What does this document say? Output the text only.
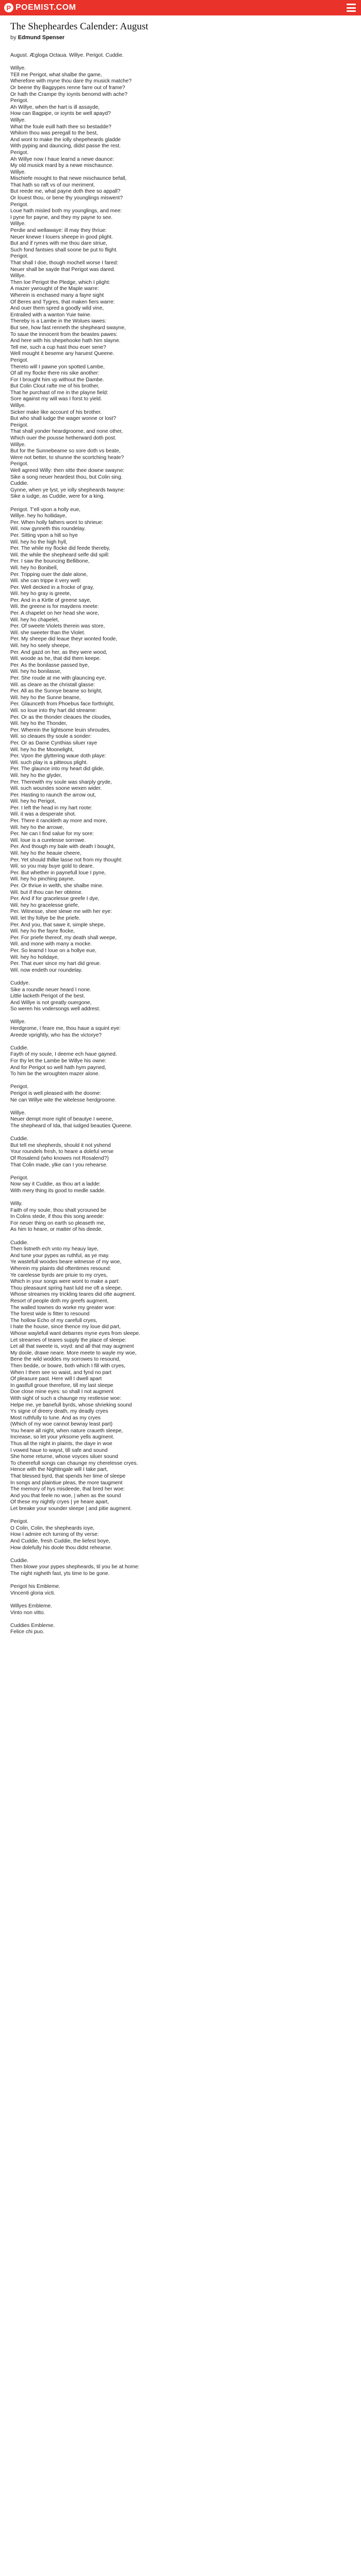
P POEMIST.COM
The Shepheardes Calender: August
by Edmund Spenser
August. Ægloga Octaua. Willye. Perigot. Cuddie.

Willye.
TEll me Perigot, what shalbe the game,
Wherefore with myne thou dare thy musick matche?
Or beene thy Bagpypes renne farre out of frame?
Or hath the Crampe thy ioynts benomd with ache?
Perigot.
Ah Willye, when the hart is ill assayde,
How can Bagpipe, or ioynts be well apayd?
Willye.
What the foule euill hath thee so bestadde?
Whilom thou was peregall to the best,
And wont to make the iolly shepeheards gladde
With pyping and dauncing, didst passe the rest.
Perigot.
Ah Willye now I haue learnd a newe daunce:
My old musick mard by a newe mischaunce.
Willye.
Mischiefe mought to that newe mischaunce befall,
That hath so raft vs of our meriment.
But reede me, what payne doth thee so appall?
Or louest thou, or bene thy younglings miswent?
Perigot.
Loue hath misled both my younglings, and mee:
I pyne for payne, and they my payne to see.
Willye.
Perdie and wellawaye: ill may they thriue:
Neuer knewe I louers sheepe in good plight.
But and if rymes with me thou dare striue,
Such fond fantsies shall soone be put to flight.
Perigot.
That shall I doe, though mochell worse I fared:
Neuer shall be sayde that Perigot was dared.
Willye.
Then loe Perigot the Pledge, which I plight:
A mazer ywrought of the Maple warre:
Wherein is enchased many a fayre sight
Of Beres and Tygres, that maken fiers warre:
And ouer them spred a goodly wild vine,
Entrailed with a wanton Yuie twine.
Thereby is a Lambe in the Wolues iawes:
But see, how fast renneth the shepheard swayne,
To saue the innocent from the beastes pawes:
And here with his shepehooke hath him slayne.
Tell me, such a cup hast thou euer sene?
Well mought it beseme any haruest Queene.
Perigot.
Thereto will I pawne yon spotted Lambe,
Of all my flocke there nis sike another:
For I brought him vp without the Dambe.
But Colin Clout rafte me of his brother,
That he purchast of me in the playne field:
Sore against my will was I forst to yield.
Willye.
Sicker make like account of his brother.
But who shall iudge the wager wonne or lost?
Perigot.
That shall yonder heardgroome, and none other,
Which ouer the pousse hetherward doth post.
Willye.
But for the Sunnebeame so sore doth vs beate,
Were not better, to shunne the scortching heate?
Perigot.
Well agreed Willy: then sitte thee downe swayne:
Sike a song neuer heardest thou, but Colin sing.
Cuddie.
Gynne, when ye lyst, ye iolly shepheards twayne:
Sike a iudge, as Cuddie, were for a king.

Perigot. T'ell vpon a holly eue,
Willye. hey ho hollidaye,
Per. When holly fathers wont to shrieue:
Wil. now gynneth this roundelay.
Per. Sitting vpon a hill so hye
Wil. hey ho the high hyll,
Per. The while my flocke did feede thereby,
Wil. the while the shepheard selfe did spill:
Per. I saw the bouncing Bellibone,
Wil. hey ho Bonibell,
Per. Tripping ouer the dale alone,
Wil. she can trippe it very well:
Per. Well decked in a frocke of gray,
Wil. hey ho gray is greete,
Per. And in a Kirtle of greene saye,
Wil. the greene is for maydens meete:
Per. A chapelet on her head she wore,
Wil. hey ho chapelet,
Per. Of sweete Violets therein was store,
Wil. she sweeter than the Violet.
Per. My sheepe did leaue theyr wonted foode,
Wil. hey ho seely sheepe,
Per. And gazd on her, as they were wood,
Wil. woode as he, that did them keepe.
Per. As the bonilasse passed bye,
Wil. hey ho bonilasse,
Per. She roude at me with glauncing eye,
Wil. as cleare as the christall glasse:
Per. All as the Sunnye beame so bright,
Wil. hey ho the Sunne beame,
Per. Glaunceth from Phoebus face forthright,
Wil. so loue into thy hart did streame:
Per. Or as the thonder cleaues the cloudes,
Wil. hey ho the Thonder,
Per. Wherein the lightsome leuin shroudes,
Wil. so cleaues thy soule a sonder:
Per. Or as Dame Cynthias siluer raye
Wil. hey ho the Moonelight,
Per. Vpon the glyttering waue doth playe:
Wil. such play is a pitteous plight.
Per. The glaunce into my heart did glide,
Wil. hey ho the glyder,
Per. Therewith my soule was sharply gryde,
Wil. such woundes soone wexen wider.
Per. Hasting to raunch the arrow out,
Wil. hey ho Perigot,
Per. I left the head in my hart roote:
Wil. it was a desperate shot.
Per. There it ranckleth ay more and more,
Wil. hey ho the arrowe,
Per. Ne can I find salue for my sore:
Wil. loue is a curelesse sorrowe.
Per. And though my bale with death I bought,
Wil. hey ho the heauie cheere,
Per. Yet should thilke lasse not from my thought:
Wil. so you may buye gold to deare.
Per. But whether in paynefull loue I pyne,
Wil. hey ho pinching payne,
Per. Or thriue in welth, she shalbe mine.
Wil. but if thou can her obteine.
Per. And if for gracelesse greefe I dye,
Wil. hey ho gracelesse griefe,
Per. Witnesse, shee slewe me with her eye:
Wil. let thy follye be the priefe.
Per. And you, that sawe it, simple shepe,
Wil. hey ho the fayre flocke,
Per. For priefe thereof, my death shall weepe,
Wil. and mone with many a mocke.
Per. So learnd I loue on a hollye eue,
Wil. hey ho holidaye,
Per. That euer since my hart did greue.
Wil. now endeth our roundelay.

Cuddye.
Sike a roundle neuer heard I none.
Little lacketh Perigot of the best.
And Willye is not greatly ouergone,
So weren his vndersongs well addrest.

Willye.
Herdgrome, I feare me, thou haue a squint eye:
Areede vprightly, who has the victorye?

Cuddie.
Fayth of my soule, I deeme ech haue gayned.
For thy let the Lambe be Willye his owne:
And for Perigot so well hath hym payned,
To him be the wroughten mazer alone.

Perigot.
Perigot is well pleased with the doome:
Ne can Willye wite the witelesse herdgroome.

Willye.
Neuer dempt more right of beautye I weene,
The shepheard of Ida, that iudged beauties Queene.

Cuddie.
But tell me shepherds, should it not yshend
Your roundels fresh, to heare a doleful verse
Of Rosalend (who knowes not Rosalend?)
That Colin made, ylke can I you rehearse.

Perigot.
Now say it Cuddie, as thou art a ladde:
With mery thing its good to medle sadde.

Willy.
Faith of my soule, thou shalt ycrouned be
In Colins stede, if thou this song areede:
For neuer thing on earth so pleaseth me,
As him to heare, or matter of his deede.

Cuddie.
Then listneth ech vnto my heauy laye,
And tune your pypes as ruthful, as ye may.
Ye wastefull woodes beare witnesse of my woe,
Wherein my plaints did oftentimes resound:
Ye carelesse byrds are priuie to my cryes,
Which in your songs were wont to make a part:
Thou pleasaunt spring hast luld me oft a sleepe,
Whose streames my trickling teares did ofte augment.
Resort of people doth my greefs augment,
The walled townes do worke my greater woe:
The forest wide is fitter to resound
The hollow Echo of my carefull cryes,
I hate the house, since thence my loue did part,
Whose waylefull want debarres myne eyes from sleepe.
Let streames of teares supply the place of sleepe:
Let all that sweete is, voyd: and all that may augment
My doole, drawe neare. More meete to wayle my woe,
Bene the wild woddes my sorrowes to resound,
Then bedde, or bowre, both which I fill with cryes,
When I them see so waist, and fynd no part
Of pleasure past. Here will I dwell apart
In gastfull groue therefore, till my last sleepe
Doe close mine eyes: so shall I not augment
With sight of such a chaunge my restlesse woe:
Helpe me, ye banefull byrds, whose shrieking sound
Ys signe of dreery death, my deadly cryes
Most ruthfully to tune. And as my cryes
(Which of my woe cannot bewray least part)
You heare all night, when nature craueth sleepe,
Increase, so let your yrksome yells augment.
Thus all the night in plaints, the daye in woe
I vowed haue to wayst, till safe and sound
She home returne, whose voyces siluer sound
To cheerefull songs can chaunge my cherelesse cryes.
Hence with the Nightingale will I take part,
That blessed byrd, that spends her time of sleepe
In songs and plaintiue pleas, the more taugment
The memory of hys misdeede, that bred her woe:
And you that feele no woe, | when as the sound
Of these my nightly cryes | ye heare apart,
Let breake your sounder sleepe | and pitie augment.

Perigot.
O Colin, Colin, the shepheards ioye,
How I admire ech turning of thy verse:
And Cuddie, fresh Cuddie, the liefest boye,
How dolefully his doole thou didst rehearse.

Cuddie.
Then blowe your pypes shepheards, til you be at home:
The night nigheth fast, yts time to be gone.

Perigot his Embleme.
Vincenti gloria victi.

Willyes Embleme.
Vinto non vitto.

Cuddies Embleme.
Felice chi puo.
